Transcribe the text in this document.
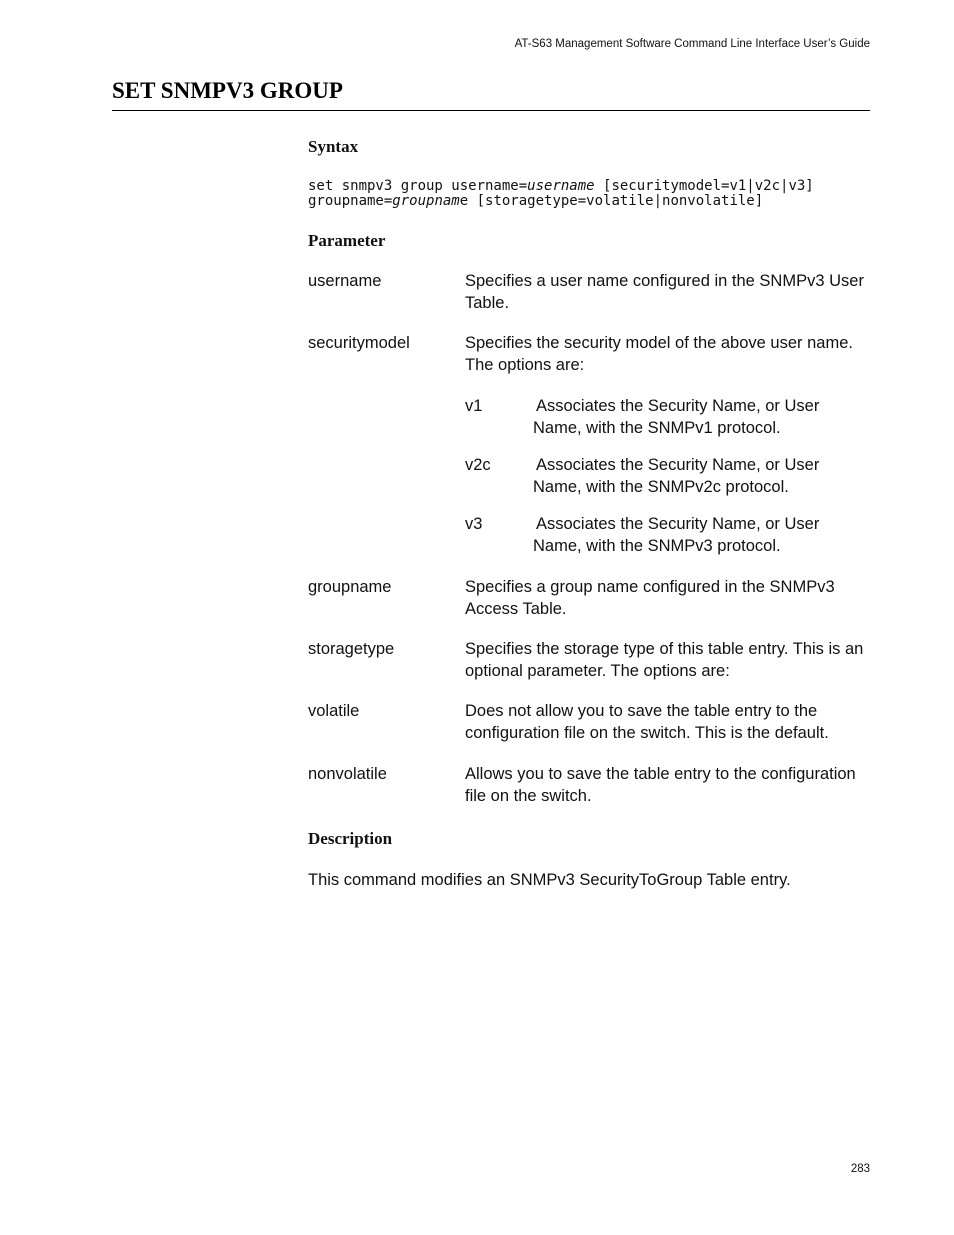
AT-S63 Management Software Command Line Interface User’s Guide
SET SNMPV3 GROUP
Syntax
set snmpv3 group username=username [securitymodel=v1|v2c|v3]
groupname=groupname [storagetype=volatile|nonvolatile]
Parameter
username	Specifies a user name configured in the SNMPv3 User Table.
securitymodel	Specifies the security model of the above user name. The options are:
v1	Associates the Security Name, or User Name, with the SNMPv1 protocol.
v2c	Associates the Security Name, or User Name, with the SNMPv2c protocol.
v3	Associates the Security Name, or User Name, with the SNMPv3 protocol.
groupname	Specifies a group name configured in the SNMPv3 Access Table.
storagetype	Specifies the storage type of this table entry. This is an optional parameter. The options are:
volatile	Does not allow you to save the table entry to the configuration file on the switch. This is the default.
nonvolatile	Allows you to save the table entry to the configuration file on the switch.
Description
This command modifies an SNMPv3 SecurityToGroup Table entry.
283
